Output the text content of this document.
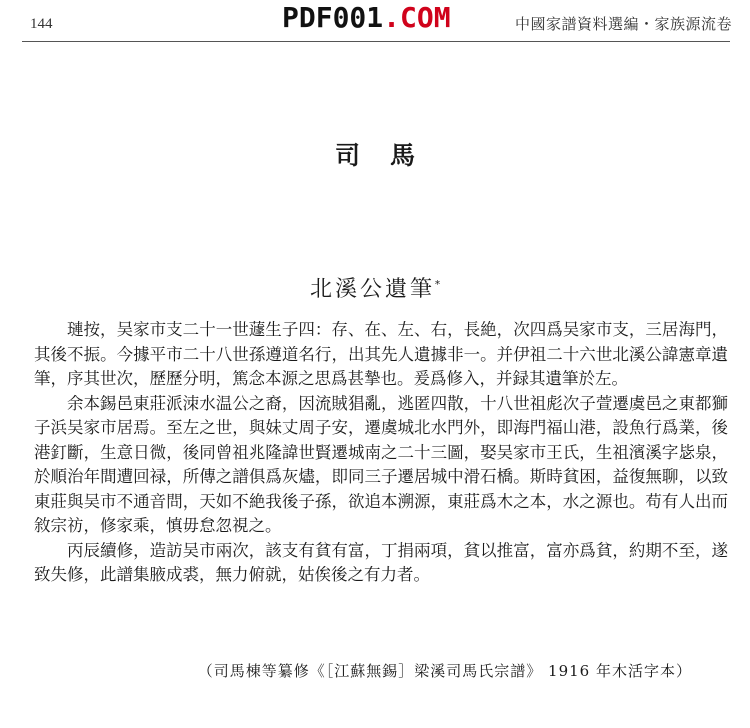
144	PDF001.COM	中國家譜資料選編・家族源流卷
司馬
北溪公遺筆*

璉按，吴家市支二十一世蘧生子四：存、在、左、右，長絶，次四爲吴家市支，三居海門，其後不振。今據平市二十八世孫遵道名行，出其先人遺據非一。并伊祖二十六世北溪公諱憲章遺筆，序其世次，歷歷分明，篤念本源之思爲甚摯也。爰爲修入，并録其遺筆於左。

余本錫邑東莊派洓水温公之裔，因流賊猖亂，逃匿四散，十八世祖彪次子萱遷虞邑之東都獅子浜吴家市居焉。至左之世，與妹丈周子安，遷虞城北水門外，即海門福山港，設魚行爲業，後港釘斷，生意日微，後同曾祖兆隆諱世賢遷城南之二十三圖，娶吴家市王氏，生祖濱溪字毖泉，於順治年間遭回禄，所傳之譜俱爲灰燼，即同三子遷居城中滑石橋。斯時貧困，益復無聊，以致東莊與吴市不通音問，天如不絶我後子孫，欲追本溯源，東莊爲木之本，水之源也。苟有人出而敘宗祊，修家乘，慎毋怠忽視之。

丙辰續修，造訪吴市兩次，該支有貧有富，丁捐兩項，貧以推富，富亦爲貧，約期不至，遂致失修，此譜集腋成裘，無力俯就，姑俟後之有力者。

（司馬棟等纂修《［江蘇無錫］梁溪司馬氏宗譜》 1916 年木活字本）
